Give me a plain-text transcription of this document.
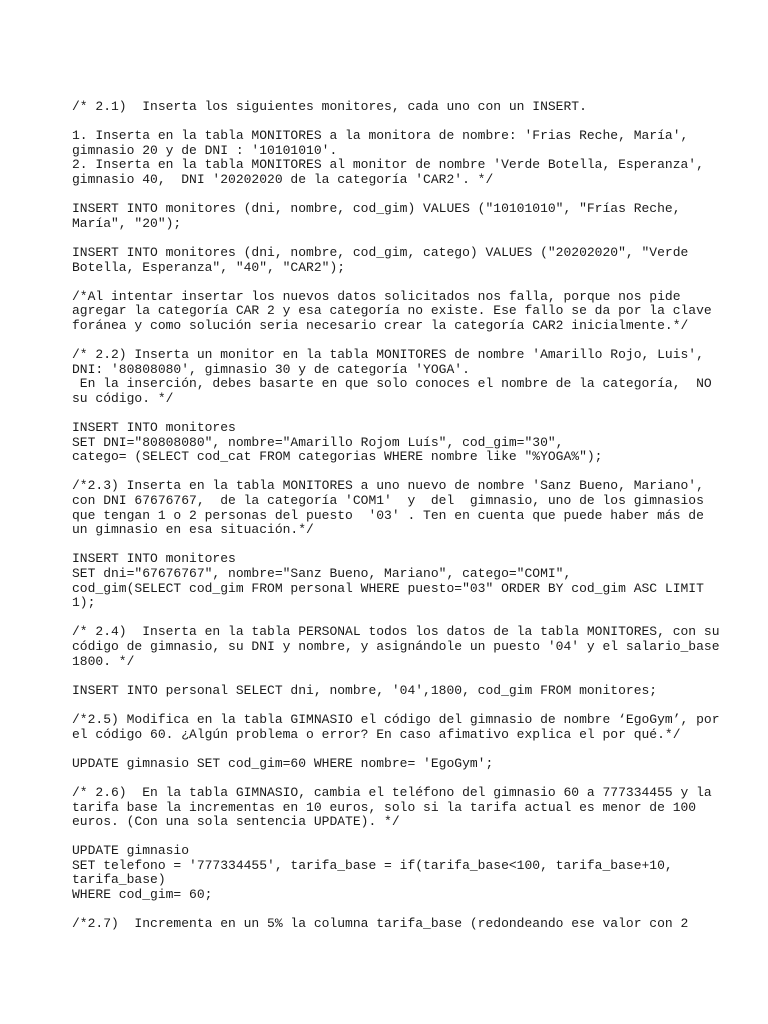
/* 2.1)  Inserta los siguientes monitores, cada uno con un INSERT.
1. Inserta en la tabla MONITORES a la monitora de nombre: 'Frias Reche, María',
gimnasio 20 y de DNI : '10101010'.
2. Inserta en la tabla MONITORES al monitor de nombre 'Verde Botella, Esperanza',
gimnasio 40,  DNI '20202020 de la categoría 'CAR2'. */
INSERT INTO monitores (dni, nombre, cod_gim) VALUES ("10101010", "Frías Reche,
María", "20");
INSERT INTO monitores (dni, nombre, cod_gim, catego) VALUES ("20202020", "Verde
Botella, Esperanza", "40", "CAR2");
/*Al intentar insertar los nuevos datos solicitados nos falla, porque nos pide
agregar la categoría CAR 2 y esa categoría no existe. Ese fallo se da por la clave
foránea y como solución seria necesario crear la categoría CAR2 inicialmente.*/
/* 2.2) Inserta un monitor en la tabla MONITORES de nombre 'Amarillo Rojo, Luis',
DNI: '80808080', gimnasio 30 y de categoría 'YOGA'.
En la inserción, debes basarte en que solo conoces el nombre de la categoría,  NO
su código. */
INSERT INTO monitores
SET DNI="80808080", nombre="Amarillo Rojom Luís", cod_gim="30",
catego= (SELECT cod_cat FROM categorias WHERE nombre like "%YOGA%");
/*2.3) Inserta en la tabla MONITORES a uno nuevo de nombre 'Sanz Bueno, Mariano',
con DNI 67676767,  de la categoría 'COM1'  y  del  gimnasio, uno de los gimnasios
que tengan 1 o 2 personas del puesto  '03' . Ten en cuenta que puede haber más de
un gimnasio en esa situación.*/
INSERT INTO monitores
SET dni="67676767", nombre="Sanz Bueno, Mariano", catego="COMI",
cod_gim(SELECT cod_gim FROM personal WHERE puesto="03" ORDER BY cod_gim ASC LIMIT
1);
/* 2.4)  Inserta en la tabla PERSONAL todos los datos de la tabla MONITORES, con su
código de gimnasio, su DNI y nombre, y asignándole un puesto '04' y el salario_base
1800. */
INSERT INTO personal SELECT dni, nombre, '04',1800, cod_gim FROM monitores;
/*2.5) Modifica en la tabla GIMNASIO el código del gimnasio de nombre ‘EgoGym’, por
el código 60. ¿Algún problema o error? En caso afimativo explica el por qué.*/
UPDATE gimnasio SET cod_gim=60 WHERE nombre= 'EgoGym';
/* 2.6)  En la tabla GIMNASIO, cambia el teléfono del gimnasio 60 a 777334455 y la
tarifa base la incrementas en 10 euros, solo si la tarifa actual es menor de 100
euros. (Con una sola sentencia UPDATE). */
UPDATE gimnasio
SET telefono = '777334455', tarifa_base = if(tarifa_base<100, tarifa_base+10,
tarifa_base)
WHERE cod_gim= 60;
/*2.7)  Incrementa en un 5% la columna tarifa_base (redondeando ese valor con 2
